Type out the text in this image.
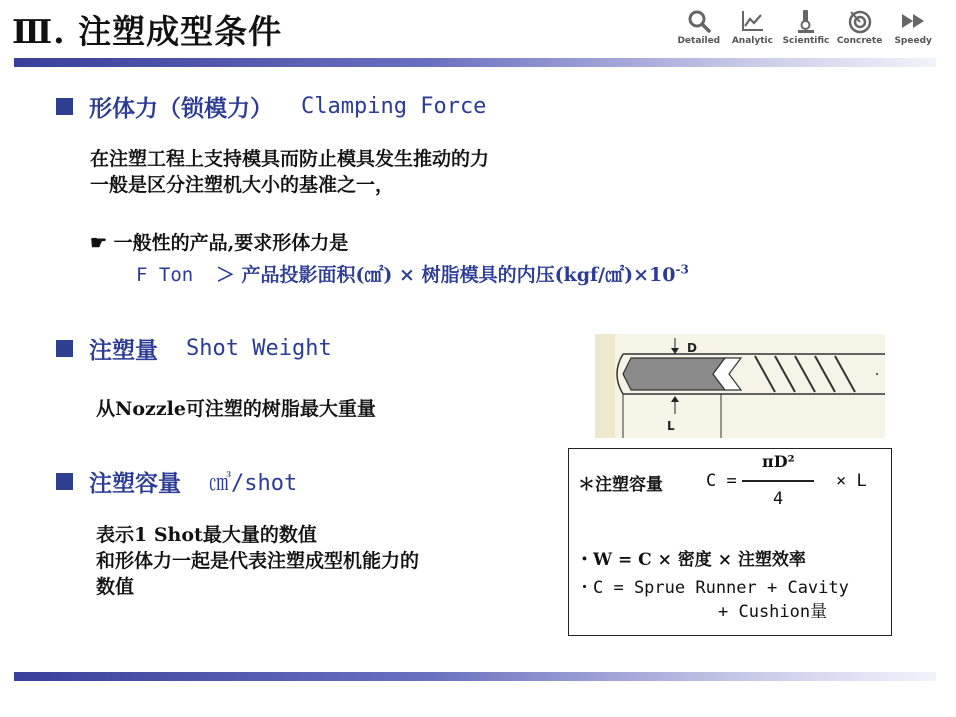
Ⅲ. 注塑成型条件	Detailed Analytic Scientific Concrete Speedy
形体力（锁模力） Clamping Force
在注塑工程上支持模具而防止模具发生推动的力
一般是区分注塑机大小的基准之一，
☛ 一般性的产品,要求形体力是
F Ton ＞ 产品投影面积(㎠) × 树脂模具的内压$(kgf/㎠)\times 10^{-3}$
注塑量 Shot Weight
从Nozzle可注塑的树脂最大重量
D
L
注塑容量 ㎤/shot
表示1 Shot最大量的数值
和形体力一起是代表注塑成型机能力的
数值
＊注塑容量	C =
πD²
4
× L
・W = C × 密度 × 注塑效率
・C = Sprue Runner + Cavity
+ Cushion量
